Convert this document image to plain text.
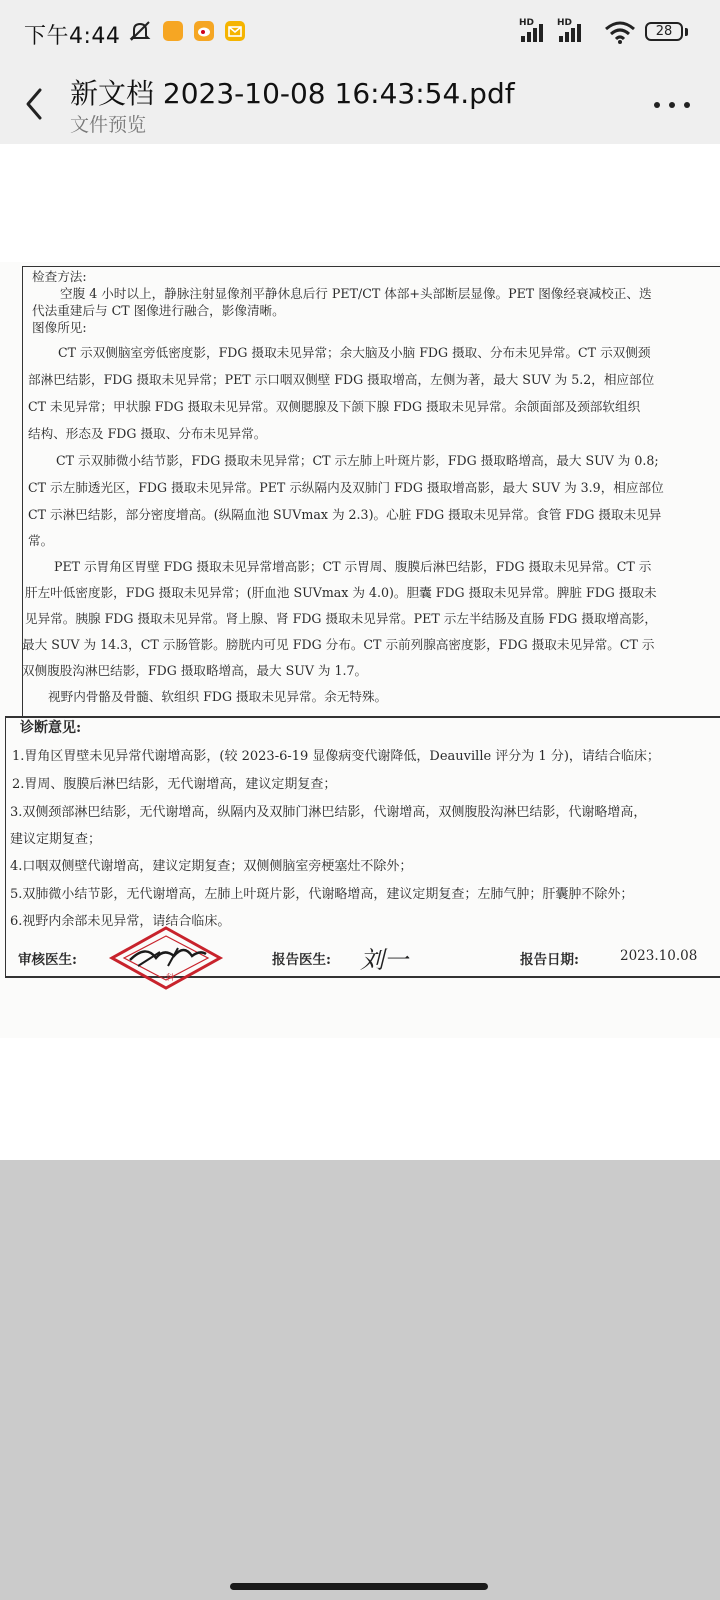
下午4:44
HD	HD
28
新文档 2023-10-08 16:43:54.pdf
文件预览
检查方法:
空腹 4 小时以上，静脉注射显像剂平静休息后行 PET/CT 体部+头部断层显像。PET 图像经衰减校正、迭
代法重建后与 CT 图像进行融合，影像清晰。
图像所见:
CT 示双侧脑室旁低密度影，FDG 摄取未见异常；余大脑及小脑 FDG 摄取、分布未见异常。CT 示双侧颈
部淋巴结影，FDG 摄取未见异常；PET 示口咽双侧壁 FDG 摄取增高，左侧为著，最大 SUV 为 5.2，相应部位
CT 未见异常；甲状腺 FDG 摄取未见异常。双侧腮腺及下颌下腺 FDG 摄取未见异常。余颌面部及颈部软组织
结构、形态及 FDG 摄取、分布未见异常。
CT 示双肺微小结节影，FDG 摄取未见异常；CT 示左肺上叶斑片影，FDG 摄取略增高，最大 SUV 为 0.8;
CT 示左肺透光区，FDG 摄取未见异常。PET 示纵隔内及双肺门 FDG 摄取增高影，最大 SUV 为 3.9，相应部位
CT 示淋巴结影，部分密度增高。(纵隔血池 SUVmax 为 2.3)。心脏 FDG 摄取未见异常。食管 FDG 摄取未见异
常。
PET 示胃角区胃壁 FDG 摄取未见异常增高影；CT 示胃周、腹膜后淋巴结影，FDG 摄取未见异常。CT 示
肝左叶低密度影，FDG 摄取未见异常；(肝血池 SUVmax 为 4.0)。胆囊 FDG 摄取未见异常。脾脏 FDG 摄取未
见异常。胰腺 FDG 摄取未见异常。肾上腺、肾 FDG 摄取未见异常。PET 示左半结肠及直肠 FDG 摄取增高影，
最大 SUV 为 14.3，CT 示肠管影。膀胱内可见 FDG 分布。CT 示前列腺高密度影，FDG 摄取未见异常。CT 示
双侧腹股沟淋巴结影，FDG 摄取略增高，最大 SUV 为 1.7。
视野内骨骼及骨髓、软组织 FDG 摄取未见异常。余无特殊。
诊断意见:
1.胃角区胃壁未见异常代谢增高影，(较 2023-6-19 显像病变代谢降低，Deauville 评分为 1 分)，请结合临床；
2.胃周、腹膜后淋巴结影，无代谢增高，建议定期复查；
3.双侧颈部淋巴结影，无代谢增高，纵隔内及双肺门淋巴结影，代谢增高，双侧腹股沟淋巴结影，代谢略增高，
建议定期复查；
4.口咽双侧壁代谢增高，建议定期复查；双侧侧脑室旁梗塞灶不除外；
5.双肺微小结节影，无代谢增高，左肺上叶斑片影，代谢略增高，建议定期复查；左肺气肿；肝囊肿不除外；
6.视野内余部未见异常，请结合临床。
审核医生:
一科
报告医生: 刘一	报告日期:	2023.10.08
